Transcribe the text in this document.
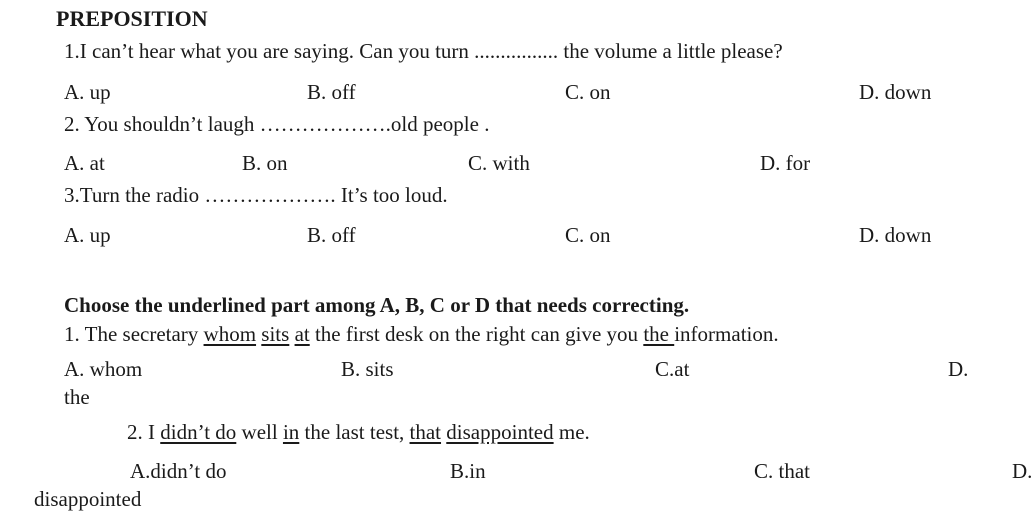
PREPOSITION
1.I can’t hear what you are saying. Can you turn ................ the volume a little please?
A. up	B. off	C. on	D. down
2. You shouldn’t laugh ……………….old people .
A. at	B. on	C. with	D. for
3.Turn the radio ………………. It’s too loud.
A. up	B. off	C. on	D. down
Choose the underlined part among A, B, C or D that needs correcting.
1. The secretary whom sits at the first desk on the right can give you the information.
A. whom	B. sits	C.at	D.
the
2. I didn’t do well in the last test, that disappointed me.
A.didn’t do	B.in	C. that	D.
disappointed
